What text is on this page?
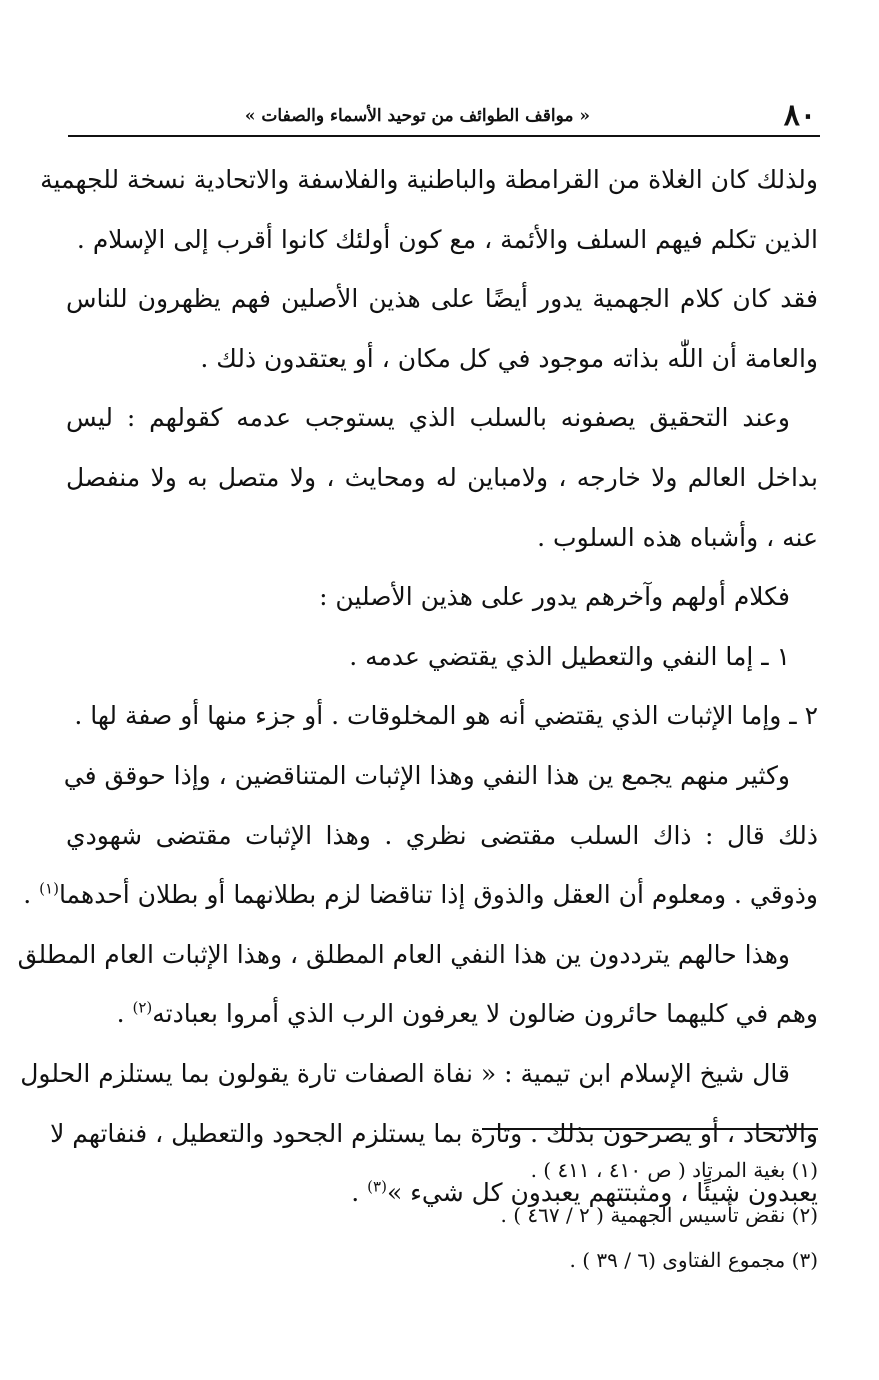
٨٠
« مواقف الطوائف من توحيد الأسماء والصفات »
ولذلك كان الغلاة من القرامطة والباطنية والفلاسفة والاتحادية نسخة للجهمية
الذين تكلم فيهم السلف والأئمة ، مع كون أولئك كانوا أقرب إلى الإسلام .
فقد كان كلام الجهمية يدور أيضًا على هذين الأصلين فهم يظهرون للناس
والعامة أن اللّٰه بذاته موجود في كل مكان ، أو يعتقدون ذلك .
وعند التحقيق يصفونه بالسلب الذي يستوجب عدمه كقولهم : ليس
بداخل العالم ولا خارجه ، ولامباين له ومحايث ، ولا متصل به ولا منفصل
عنه ، وأشباه هذه السلوب .
فكلام أولهم وآخرهم يدور على هذين الأصلين :
١ ـ إما النفي والتعطيل الذي يقتضي عدمه .
٢ ـ وإما الإثبات الذي يقتضي أنه هو المخلوقات . أو جزء منها أو صفة لها .
وكثير منهم يجمع ين هذا النفي وهذا الإثبات المتناقضين ، وإذا حوقق في
ذلك قال : ذاك السلب مقتضى نظري . وهذا الإثبات مقتضى شهودي
وذوقي . ومعلوم أن العقل والذوق إذا تناقضا لزم بطلانهما أو بطلان أحدهما$^{(١)}$ .
وهذا حالهم يترددون ين هذا النفي العام المطلق ، وهذا الإثبات العام المطلق
وهم في كليهما حائرون ضالون لا يعرفون الرب الذي أمروا بعبادته$^{(٢)}$ .
قال شيخ الإسلام ابن تيمية : « نفاة الصفات تارة يقولون بما يستلزم الحلول
والاتحاد ، أو يصرحون بذلك . وتارة بما يستلزم الجحود والتعطيل ، فنفاتهم لا
يعبدون شيئًا ، ومثبتتهم يعبدون كل شيء »$^{(٣)}$ .
(١) بغية المرتاد ( ص ٤١٠ ، ٤١١ ) .
(٢) نقض تأسيس الجهمية ( ٢ / ٤٦٧ ) .
(٣) مجموع الفتاوى (٦ / ٣٩ ) .
